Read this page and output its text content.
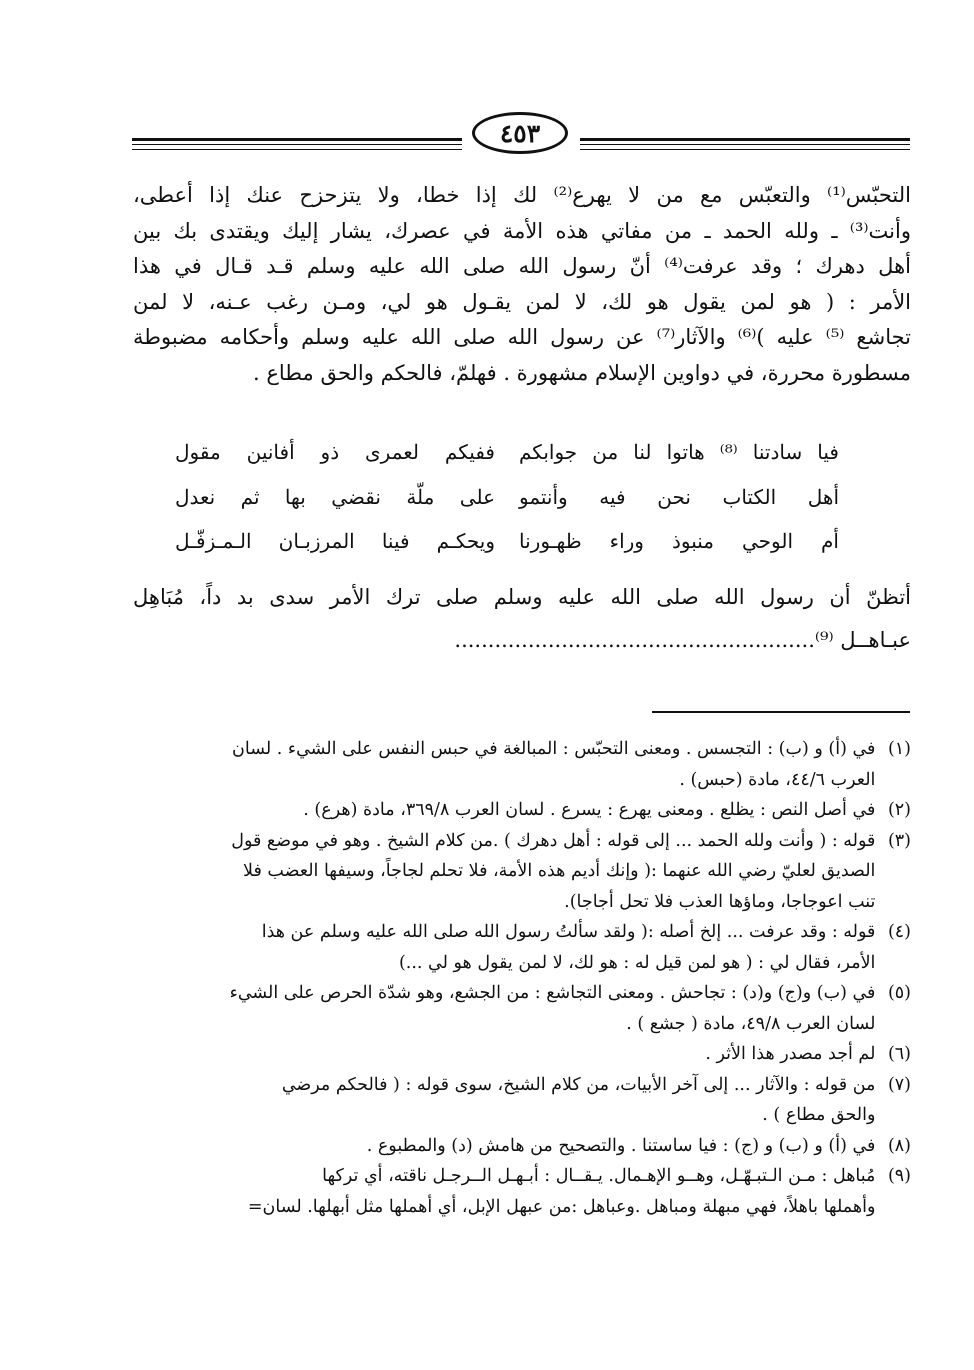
٤٥٣

التحبّس⁽¹⁾ والتعبّس مع من لا يهرع⁽²⁾ لك إذا خطا، ولا يتزحزح عنك إذا أعطى،

وأنت⁽³⁾ ـ ولله الحمد ـ من مفاتي هذه الأمة في عصرك، يشار إليك ويقتدى بك بين

أهل دهرك ؛ وقد عرفت⁽⁴⁾ أنّ رسول الله صلى الله عليه وسلم قـد قـال في هذا

الأمر : ( هو لمن يقول هو لك، لا لمن يقـول هو لي، ومـن رغب عـنه، لا لمن

تجاشع ⁽⁵⁾ عليه )⁽⁶⁾ والآثار⁽⁷⁾ عن رسول الله صلى الله عليه وسلم وأحكامه مضبوطة

مسطورة محررة، في دواوين الإسلام مشهورة . فهلمّ، فالحكم والحق مطاع .

فيا سادتنا ⁽⁸⁾ هاتوا لنا من جوابكم
ففيكم لعمرى ذو أفانين مقول
أهل الكتاب نحن فيه وأنتمو
على ملّة نقضي بها ثم نعدل
أم الوحي منبوذ وراء ظهـورنا
ويحكـم فينا المرزبـان الـمـزفّـل

أتظنّ أن رسول الله صلى الله عليه وسلم صلى ترك الأمر سدى بد داً، مُبَاهِل

عبـاهــل ⁽⁹⁾......................................................

(١) في (أ) و (ب) : التجسس . ومعنى التحبّس : المبالغة في حبس النفس على الشيء . لسان

العرب ٤٤/٦، مادة (حبس) .

(٢) في أصل النص : يظلع . ومعنى يهرع : يسرع . لسان العرب ٣٦٩/٨، مادة (هرع) .

(٣) قوله : ( وأنت ولله الحمد ... إلى قوله : أهل دهرك ) .من كلام الشيخ . وهو في موضع قول

الصديق لعليّ رضي الله عنهما :( وإنك أديم هذه الأمة، فلا تحلم لجاجاً، وسيفها العضب فلا

تنب اعوجاجا، وماؤها العذب فلا تحل أجاجا).

(٤) قوله : وقد عرفت ... إلخ أصله :( ولقد سألتُ رسول الله صلى الله عليه وسلم عن هذا

الأمر، فقال لي : ( هو لمن قيل له : هو لك، لا لمن يقول هو لي ...)

(٥) في (ب) و(ج) و(د) : تجاحش . ومعنى التجاشع : من الجشع، وهو شدّة الحرص على الشيء

لسان العرب ٤٩/٨، مادة ( جشع ) .

(٦) لم أجد مصدر هذا الأثر .

(٧) من قوله : والآثار ... إلى آخر الأبيات، من كلام الشيخ، سوى قوله : ( فالحكم مرضي

والحق مطاع ) .

(٨) في (أ) و (ب) و (ج) : فيا ساستنا . والتصحيح من هامش (د) والمطبوع .

(٩) مُباهل : مـن الـتبـهّـل، وهــو الإهـمال. يـقــال : أبـهـل الــرجـل ناقته، أي تركها

وأهملها باهلاً، فهي مبهلة ومباهل .وعباهل :من عبهل الإبل، أي أهملها مثل أبهلها. لسان=
